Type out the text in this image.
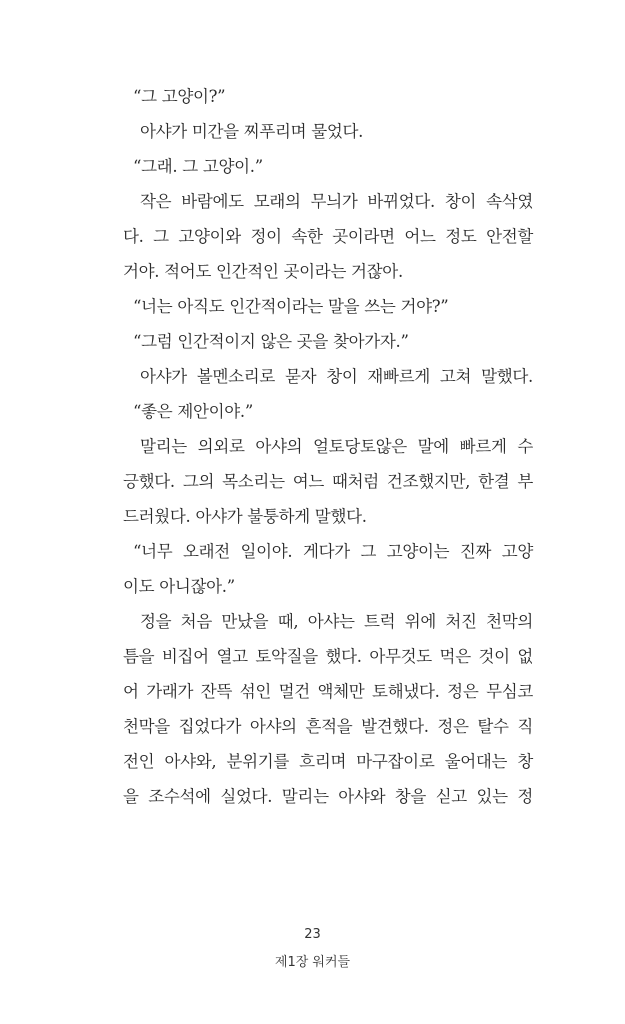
“그 고양이?”
아샤가 미간을 찌푸리며 물었다.
“그래. 그 고양이.”
작은 바람에도 모래의 무늬가 바뀌었다. 창이 속삭였
다. 그 고양이와 정이 속한 곳이라면 어느 정도 안전할
거야. 적어도 인간적인 곳이라는 거잖아.
“너는 아직도 인간적이라는 말을 쓰는 거야?”
“그럼 인간적이지 않은 곳을 찾아가자.”
아샤가 볼멘소리로 묻자 창이 재빠르게 고쳐 말했다.
“좋은 제안이야.”
말리는 의외로 아샤의 얼토당토않은 말에 빠르게 수
긍했다. 그의 목소리는 여느 때처럼 건조했지만, 한결 부
드러웠다. 아샤가 불퉁하게 말했다.
“너무 오래전 일이야. 게다가 그 고양이는 진짜 고양
이도 아니잖아.”
정을 처음 만났을 때, 아샤는 트럭 위에 처진 천막의
틈을 비집어 열고 토악질을 했다. 아무것도 먹은 것이 없
어 가래가 잔뜩 섞인 멀건 액체만 토해냈다. 정은 무심코
천막을 집었다가 아샤의 흔적을 발견했다. 정은 탈수 직
전인 아샤와, 분위기를 흐리며 마구잡이로 울어대는 창
을 조수석에 실었다. 말리는 아샤와 창을 싣고 있는 정
23
제1장 워커들
